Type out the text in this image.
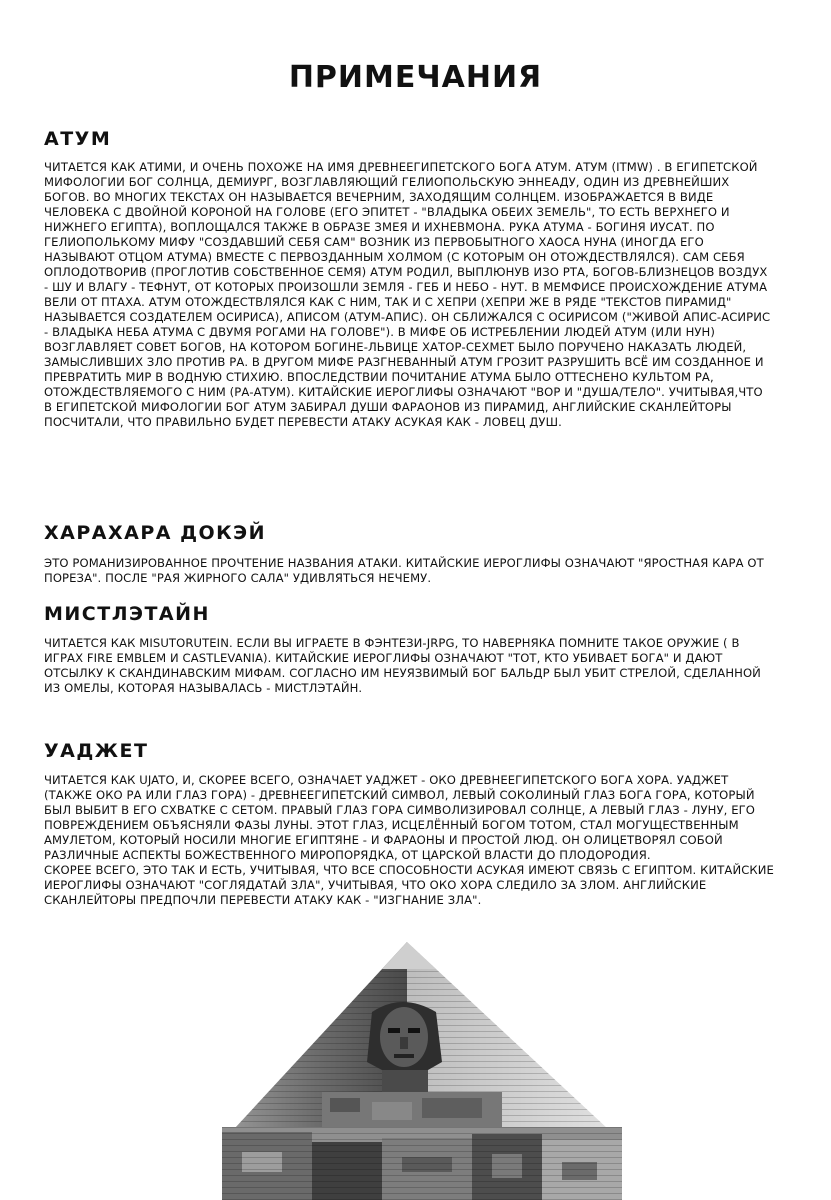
ПРИМЕЧАНИЯ
АТУМ

ЧИТАЕТСЯ КАК АТИМИ, И ОЧЕНЬ ПОХОЖЕ НА ИМЯ ДРЕВНЕЕГИПЕТСКОГО БОГА АТУМ. АТУМ (ITMW) . В ЕГИПЕТСКОЙ МИФОЛОГИИ БОГ СОЛНЦА, ДЕМИУРГ, ВОЗГЛАВЛЯЮЩИЙ ГЕЛИОПОЛЬСКУЮ ЭННЕАДУ, ОДИН ИЗ ДРЕВНЕЙШИХ БОГОВ. ВО МНОГИХ ТЕКСТАХ ОН НАЗЫВАЕТСЯ ВЕЧЕРНИМ, ЗАХОДЯЩИМ СОЛНЦЕМ. ИЗОБРАЖАЕТСЯ В ВИДЕ ЧЕЛОВЕКА С ДВОЙНОЙ КОРОНОЙ НА ГОЛОВЕ (ЕГО ЭПИТЕТ - "ВЛАДЫКА ОБЕИХ ЗЕМЕЛЬ", ТО ЕСТЬ ВЕРХНЕГО И НИЖНЕГО ЕГИПТА), ВОПЛОЩАЛСЯ ТАКЖЕ В ОБРАЗЕ ЗМЕЯ И ИХНЕВМОНА. РУКА АТУМА - БОГИНЯ ИУСАТ. ПО ГЕЛИОПОЛЬКОМУ МИФУ "СОЗДАВШИЙ СЕБЯ САМ" ВОЗНИК ИЗ ПЕРВОБЫТНОГО ХАОСА НУНА (ИНОГДА ЕГО НАЗЫВАЮТ ОТЦОМ АТУМА) ВМЕСТЕ С ПЕРВОЗДАННЫМ ХОЛМОМ (С КОТОРЫМ ОН ОТОЖДЕСТВЛЯЛСЯ). САМ СЕБЯ ОПЛОДОТВОРИВ (ПРОГЛОТИВ СОБСТВЕННОЕ СЕМЯ) АТУМ РОДИЛ, ВЫПЛЮНУВ ИЗО РТА, БОГОВ-БЛИЗНЕЦОВ ВОЗДУХ - ШУ И ВЛАГУ - ТЕФНУТ, ОТ КОТОРЫХ ПРОИЗОШЛИ ЗЕМЛЯ - ГЕБ И НЕБО - НУТ. В МЕМФИСЕ ПРОИСХОЖДЕНИЕ АТУМА ВЕЛИ ОТ ПТАХА. АТУМ ОТОЖДЕСТВЛЯЛСЯ КАК С НИМ, ТАК И С ХЕПРИ (ХЕПРИ ЖЕ В РЯДЕ "ТЕКСТОВ ПИРАМИД" НАЗЫВАЕТСЯ СОЗДАТЕЛЕМ ОСИРИСА), АПИСОМ (АТУМ-АПИС). ОН СБЛИЖАЛСЯ С ОСИРИСОМ ("ЖИВОЙ АПИС-АСИРИС - ВЛАДЫКА НЕБА АТУМА С ДВУМЯ РОГАМИ НА ГОЛОВЕ"). В МИФЕ ОБ ИСТРЕБЛЕНИИ ЛЮДЕЙ АТУМ (ИЛИ НУН) ВОЗГЛАВЛЯЕТ СОВЕТ БОГОВ, НА КОТОРОМ БОГИНЕ-ЛЬВИЦЕ ХАТОР-СЕХМЕТ БЫЛО ПОРУЧЕНО НАКАЗАТЬ ЛЮДЕЙ, ЗАМЫСЛИВШИХ ЗЛО ПРОТИВ РА. В ДРУГОМ МИФЕ РАЗГНЕВАННЫЙ АТУМ ГРОЗИТ РАЗРУШИТЬ ВСЁ ИМ СОЗДАННОЕ И ПРЕВРАТИТЬ МИР В ВОДНУЮ СТИХИЮ. ВПОСЛЕДСТВИИ ПОЧИТАНИЕ АТУМА БЫЛО ОТТЕСНЕНО КУЛЬТОМ РА, ОТОЖДЕСТВЛЯЕМОГО С НИМ (РА-АТУМ). КИТАЙСКИЕ ИЕРОГЛИФЫ ОЗНАЧАЮТ "ВОР И "ДУША/ТЕЛО". УЧИТЫВАЯ,ЧТО В ЕГИПЕТСКОЙ МИФОЛОГИИ БОГ АТУМ ЗАБИРАЛ ДУШИ ФАРАОНОВ ИЗ ПИРАМИД, АНГЛИЙСКИЕ СКАНЛЕЙТОРЫ ПОСЧИТАЛИ, ЧТО ПРАВИЛЬНО БУДЕТ ПЕРЕВЕСТИ АТАКУ АСУКАЯ КАК - ЛОВЕЦ ДУШ.

ХАРАХАРА ДОКЭЙ

ЭТО РОМАНИЗИРОВАННОЕ ПРОЧТЕНИЕ НАЗВАНИЯ АТАКИ. КИТАЙСКИЕ ИЕРОГЛИФЫ ОЗНАЧАЮТ "ЯРОСТНАЯ КАРА ОТ ПОРЕЗА". ПОСЛЕ "РАЯ ЖИРНОГО САЛА" УДИВЛЯТЬСЯ НЕЧЕМУ.

МИСТЛЭТАЙН

ЧИТАЕТСЯ КАК MISUTORUTEIN. ЕСЛИ ВЫ ИГРАЕТЕ В ФЭНТЕЗИ-JRPG, ТО НАВЕРНЯКА ПОМНИТЕ ТАКОЕ ОРУЖИЕ ( В ИГРАХ FIRE EMBLEM И CASTLEVANIA). КИТАЙСКИЕ ИЕРОГЛИФЫ ОЗНАЧАЮТ "ТОТ, КТО УБИВАЕТ БОГА" И ДАЮТ ОТСЫЛКУ К СКАНДИНАВСКИМ МИФАМ. СОГЛАСНО ИМ НЕУЯЗВИМЫЙ БОГ БАЛЬДР БЫЛ УБИТ СТРЕЛОЙ, СДЕЛАННОЙ ИЗ ОМЕЛЫ, КОТОРАЯ НАЗЫВАЛАСЬ - МИСТЛЭТАЙН.

УАДЖЕТ

ЧИТАЕТСЯ КАК UJATO, И, СКОРЕЕ ВСЕГО, ОЗНАЧАЕТ УАДЖЕТ - ОКО ДРЕВНЕЕГИПЕТСКОГО БОГА ХОРА. УАДЖЕТ (ТАКЖЕ ОКО РА ИЛИ ГЛАЗ ГОРА) - ДРЕВНЕЕГИПЕТСКИЙ СИМВОЛ, ЛЕВЫЙ СОКОЛИНЫЙ ГЛАЗ БОГА ГОРА, КОТОРЫЙ БЫЛ ВЫБИТ В ЕГО СХВАТКЕ С СЕТОМ. ПРАВЫЙ ГЛАЗ ГОРА СИМВОЛИЗИРОВАЛ СОЛНЦЕ, А ЛЕВЫЙ ГЛАЗ - ЛУНУ, ЕГО ПОВРЕЖДЕНИЕМ ОБЪЯСНЯЛИ ФАЗЫ ЛУНЫ. ЭТОТ ГЛАЗ, ИСЦЕЛЁННЫЙ БОГОМ ТОТОМ, СТАЛ МОГУЩЕСТВЕННЫМ АМУЛЕТОМ, КОТОРЫЙ НОСИЛИ МНОГИЕ ЕГИПТЯНЕ - И ФАРАОНЫ И ПРОСТОЙ ЛЮД. ОН ОЛИЦЕТВОРЯЛ СОБОЙ РАЗЛИЧНЫЕ АСПЕКТЫ БОЖЕСТВЕННОГО МИРОПОРЯДКА, ОТ ЦАРСКОЙ ВЛАСТИ ДО ПЛОДОРОДИЯ.

СКОРЕЕ ВСЕГО, ЭТО ТАК И ЕСТЬ, УЧИТЫВАЯ, ЧТО ВСЕ СПОСОБНОСТИ АСУКАЯ ИМЕЮТ СВЯЗЬ С ЕГИПТОМ. КИТАЙСКИЕ ИЕРОГЛИФЫ ОЗНАЧАЮТ "СОГЛЯДАТАЙ ЗЛА", УЧИТЫВАЯ, ЧТО ОКО ХОРА СЛЕДИЛО ЗА ЗЛОМ. АНГЛИЙСКИЕ СКАНЛЕЙТОРЫ ПРЕДПОЧЛИ ПЕРЕВЕСТИ АТАКУ КАК - "ИЗГНАНИЕ ЗЛА".
